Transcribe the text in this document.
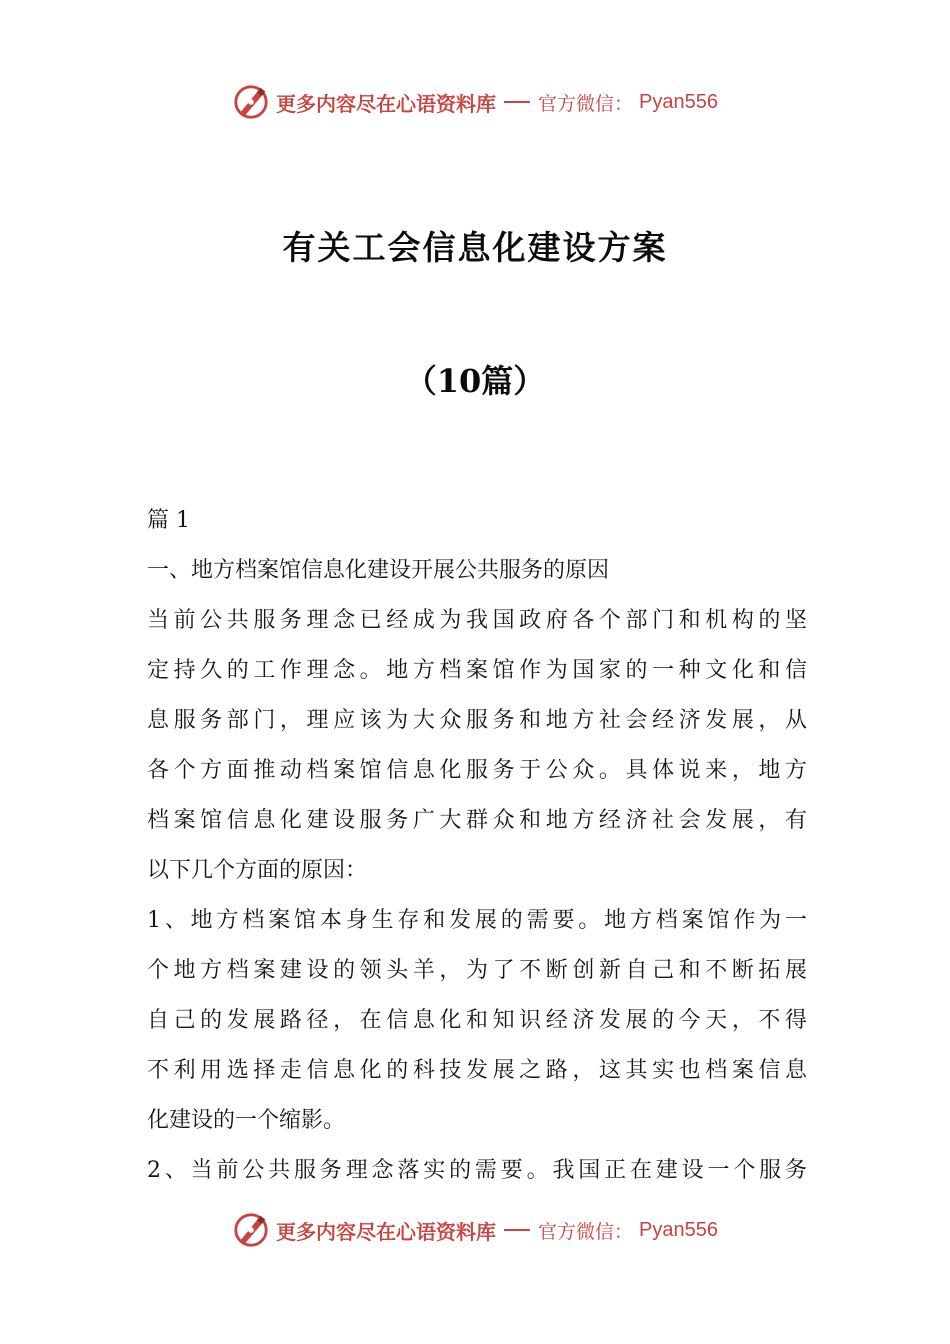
更多内容尽在心语资料库 官方微信： Pyan556
有关工会信息化建设方案
（10篇）
篇 1
一、地方档案馆信息化建设开展公共服务的原因
当前公共服务理念已经成为我国政府各个部门和机构的坚
定持久的工作理念。地方档案馆作为国家的一种文化和信
息服务部门，理应该为大众服务和地方社会经济发展，从
各个方面推动档案馆信息化服务于公众。具体说来，地方
档案馆信息化建设服务广大群众和地方经济社会发展，有
以下几个方面的原因：
1、地方档案馆本身生存和发展的需要。地方档案馆作为一
个地方档案建设的领头羊，为了不断创新自己和不断拓展
自己的发展路径，在信息化和知识经济发展的今天，不得
不利用选择走信息化的科技发展之路，这其实也档案信息
化建设的一个缩影。
2、当前公共服务理念落实的需要。我国正在建设一个服务
更多内容尽在心语资料库 官方微信： Pyan556
